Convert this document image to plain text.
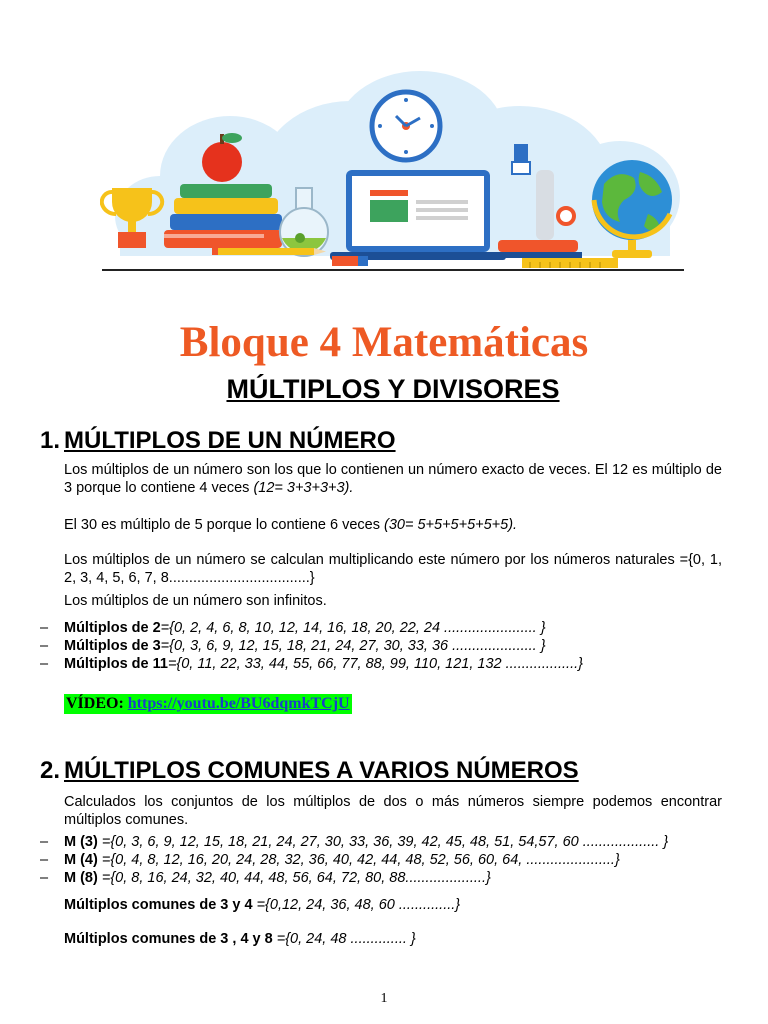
Bloque 4 Matemáticas
MÚLTIPLOS Y DIVISORES
1. MÚLTIPLOS DE UN NÚMERO
Los múltiplos de un número son los que lo contienen un número exacto de veces. El 12 es múltiplo de 3 porque lo contiene 4 veces (12= 3+3+3+3).
El 30 es múltiplo de 5 porque lo contiene 6 veces (30= 5+5+5+5+5+5).
Los múltiplos de un número se calculan multiplicando este número por los números naturales ={0, 1, 2, 3, 4, 5, 6, 7, 8...................................}
Los múltiplos de un número son infinitos.
– Múltiplos de 2={0, 2, 4, 6, 8, 10, 12, 14, 16, 18, 20, 22, 24 ....................... }
– Múltiplos de 3={0, 3, 6, 9, 12, 15, 18, 21, 24, 27, 30, 33, 36 ..................... }
– Múltiplos de 11={0, 11, 22, 33, 44, 55, 66, 77, 88, 99, 110, 121, 132 ..................}
VÍDEO: https://youtu.be/BU6dqmkTCjU
2. MÚLTIPLOS COMUNES A VARIOS NÚMEROS
Calculados los conjuntos de los múltiplos de dos o más números siempre podemos encontrar múltiplos comunes.
– M (3) ={0, 3, 6, 9, 12, 15, 18, 21, 24, 27, 30, 33, 36, 39, 42, 45, 48, 51, 54,57, 60 ................... }
– M (4) ={0, 4, 8, 12, 16, 20, 24, 28, 32, 36, 40, 42, 44, 48, 52, 56, 60, 64, ......................}
– M (8) ={0, 8, 16, 24, 32, 40, 44, 48, 56, 64, 72, 80, 88....................}
Múltiplos comunes de 3 y 4 ={0,12, 24, 36, 48, 60 ..............}
Múltiplos comunes de 3 , 4 y 8 ={0, 24, 48 .............. }
1
